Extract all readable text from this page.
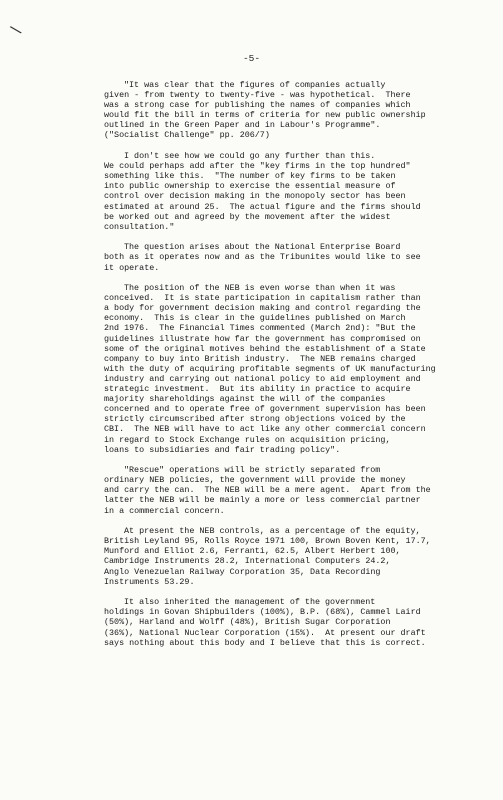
\
-5-
"It was clear that the figures of companies actually
given - from twenty to twenty-five - was hypothetical.  There
was a strong case for publishing the names of companies which
would fit the bill in terms of criteria for new public ownership
outlined in the Green Paper and in Labour's Programme".
("Socialist Challenge" pp. 206/7)
I don't see how we could go any further than this.
We could perhaps add after the "key firms in the top hundred"
something like this.  "The number of key firms to be taken
into public ownership to exercise the essential measure of
control over decision making in the monopoly sector has been
estimated at around 25.  The actual figure and the firms should
be worked out and agreed by the movement after the widest
consultation."
The question arises about the National Enterprise Board
both as it operates now and as the Tribunites would like to see
it operate.
The position of the NEB is even worse than when it was
conceived.  It is state participation in capitalism rather than
a body for government decision making and control regarding the
economy.  This is clear in the guidelines published on March
2nd 1976.  The Financial Times commented (March 2nd): "But the
guidelines illustrate how far the government has compromised on
some of the original motives behind the establishment of a State
company to buy into British industry.  The NEB remains charged
with the duty of acquiring profitable segments of UK manufacturing
industry and carrying out national policy to aid employment and
strategic investment.  But its ability in practice to acquire
majority shareholdings against the will of the companies
concerned and to operate free of government supervision has been
strictly circumscribed after strong objections voiced by the
CBI.  The NEB will have to act like any other commercial concern
in regard to Stock Exchange rules on acquisition pricing,
loans to subsidiaries and fair trading policy".
"Rescue" operations will be strictly separated from
ordinary NEB policies, the government will provide the money
and carry the can.  The NEB will be a mere agent.  Apart from the
latter the NEB will be mainly a more or less commercial partner
in a commercial concern.
At present the NEB controls, as a percentage of the equity,
British Leyland 95, Rolls Royce 1971 100, Brown Boven Kent, 17.7,
Munford and Elliot 2.6, Ferranti, 62.5, Albert Herbert 100,
Cambridge Instruments 28.2, International Computers 24.2,
Anglo Venezuelan Railway Corporation 35, Data Recording
Instruments 53.29.
It also inherited the management of the government
holdings in Govan Shipbuilders (100%), B.P. (68%), Cammel Laird
(50%), Harland and Wolff (48%), British Sugar Corporation
(36%), National Nuclear Corporation (15%).  At present our draft
says nothing about this body and I believe that this is correct.
